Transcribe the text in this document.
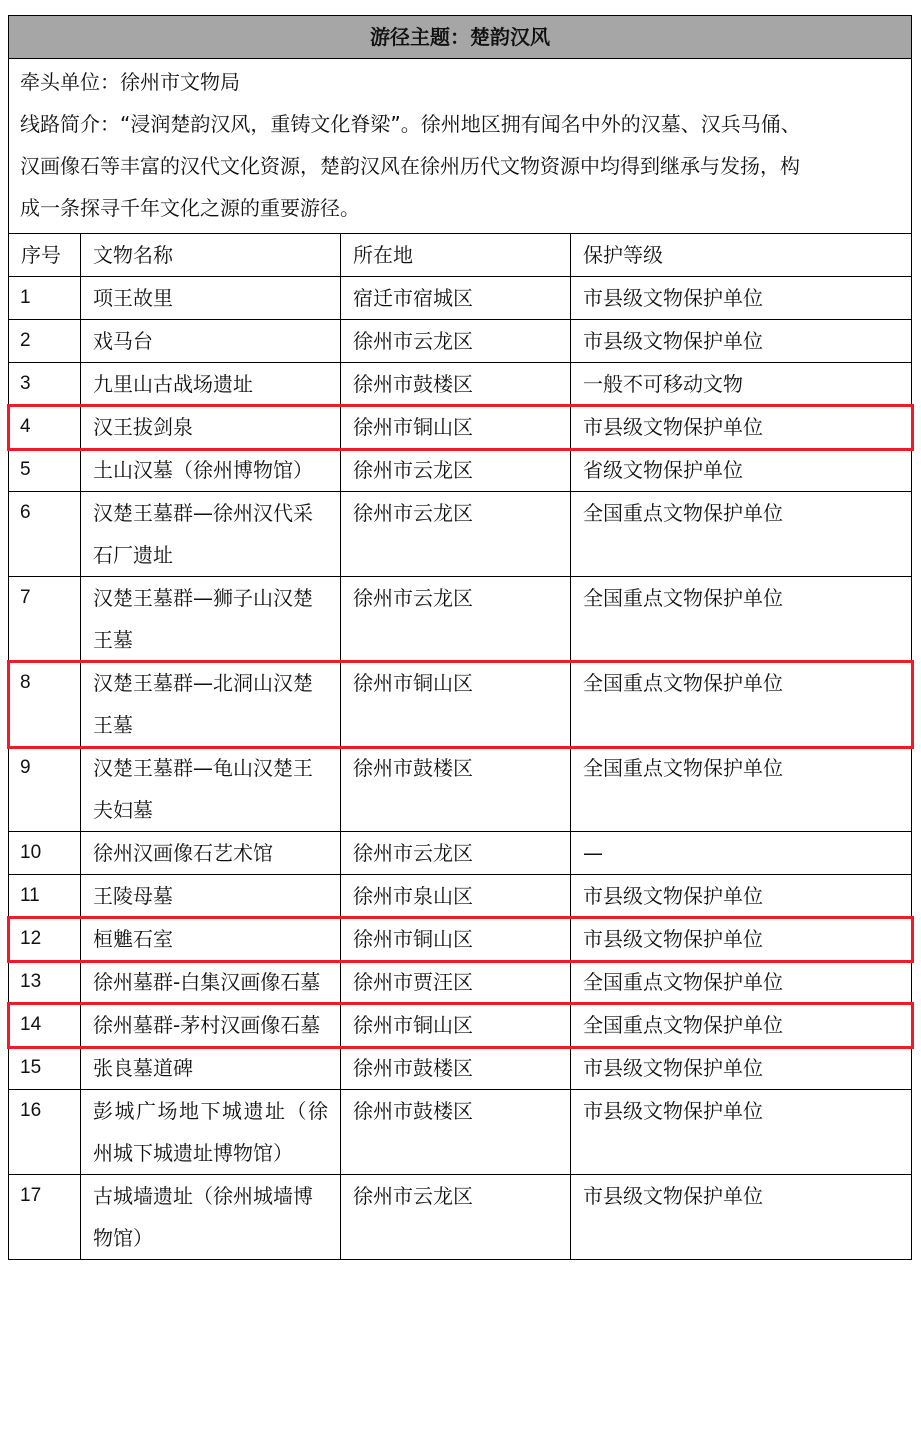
游径主题：楚韵汉风			

牵头单位：徐州市文物局
线路简介：“浸润楚韵汉风，重铸文化脊梁”。徐州地区拥有闻名中外的汉墓、汉兵马俑、
汉画像石等丰富的汉代文化资源，楚韵汉风在徐州历代文物资源中均得到继承与发扬，构
成一条探寻千年文化之源的重要游径。			

序号	文物名称	所在地	保护等级
1	项王故里	宿迁市宿城区	市县级文物保护单位
2	戏马台	徐州市云龙区	市县级文物保护单位
3	九里山古战场遗址	徐州市鼓楼区	一般不可移动文物
4	汉王拔剑泉	徐州市铜山区	市县级文物保护单位
5	土山汉墓（徐州博物馆）	徐州市云龙区	省级文物保护单位
6	汉楚王墓群—徐州汉代采石厂遗址	徐州市云龙区	全国重点文物保护单位
7	汉楚王墓群—狮子山汉楚王墓	徐州市云龙区	全国重点文物保护单位
8	汉楚王墓群—北洞山汉楚王墓	徐州市铜山区	全国重点文物保护单位
9	汉楚王墓群—龟山汉楚王夫妇墓	徐州市鼓楼区	全国重点文物保护单位
10	徐州汉画像石艺术馆	徐州市云龙区	—
11	王陵母墓	徐州市泉山区	市县级文物保护单位
12	桓魋石室	徐州市铜山区	市县级文物保护单位
13	徐州墓群-白集汉画像石墓	徐州市贾汪区	全国重点文物保护单位
14	徐州墓群-茅村汉画像石墓	徐州市铜山区	全国重点文物保护单位
15	张良墓道碑	徐州市鼓楼区	市县级文物保护单位
16	彭城广场地下城遗址（徐州城下城遗址博物馆）	徐州市鼓楼区	市县级文物保护单位
17	古城墙遗址（徐州城墙博物馆）	徐州市云龙区	市县级文物保护单位
